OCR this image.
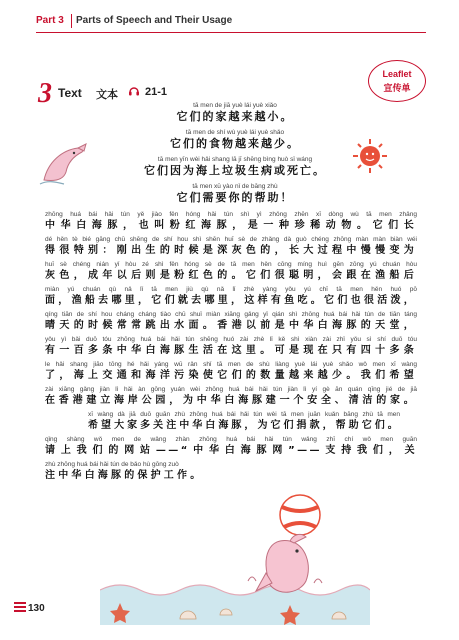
Part 3 Parts of Speech and Their Usage
3 Text 文本 21-1
Leaflet
宣传单
tā men de jiā yuè lái yuè xiǎo
它们的家越来越小。
tā men de shí wù yuè lái yuè shǎo
它们的食物越来越少。
tā men yīn wèi hǎi shang lā jī shēng bìng huò sǐ wáng
它们因为海上垃圾生病或死亡。
tā men xū yào nǐ de bāng zhù
它们需要你的帮助！
zhōng huá bái hǎi tún yě jiào fěn hóng hǎi tún shì yì zhǒng zhēn xī dòng wù tā men zhǎng
中华白海豚，也叫粉红海豚，是一种珍稀动物。它们长
dé hěn tè bié gāng chū shēng de shí hou shì shēn huī sè de zhǎng dà guò chéng zhōng màn màn biàn wéi
得很特别：刚出生的时候是深灰色的，长大过程中慢慢变为
huī sè chéng nián yǐ hòu zé shì fěn hóng sè de tā men hěn cōng míng huì gēn zōng yú chuán hòu
灰色，成年以后则是粉红色的。它们很聪明，会跟在渔船后
miàn yú chuán qù nǎ lǐ tā men jiù qù nǎ lǐ zhè yàng yǒu yú chī tā men hěn huó pō
面，渔船去哪里，它们就去哪里，这样有鱼吃。它们也很活泼，
qíng tiān de shí hou cháng cháng tiào chū shuǐ miàn xiāng gǎng yǐ qián shì zhōng huá bái hǎi tún de tiān táng
晴天的时候常常跳出水面。香港以前是中华白海豚的天堂，
yǒu yì bǎi duō tóu zhōng huá bái hǎi tún shēng huó zài zhè lǐ kě shì xiàn zài zhǐ yǒu sì shí duō tóu
有一百多条中华白海豚生活在这里。可是现在只有四十多条
le hǎi shang jiāo tōng hé hǎi yáng wū rǎn shǐ tā men de shù liàng yuè lái yuè shǎo wǒ men xī wàng
了，海上交通和海洋污染使它们的数量越来越少。我们希望
zài xiāng gǎng jiàn lì hǎi àn gōng yuán wèi zhōng huá bái hǎi tún jiàn lì yí gè ān quán qīng jié de jiā
在香港建立海岸公园，为中华白海豚建一个安全、清洁的家。
xī wàng dà jiā duō guān zhù zhōng huá bái hǎi tún wèi tā men juān kuǎn bāng zhù tā men
希望大家多关注中华白海豚，为它们捐款，帮助它们。
qǐng shàng wǒ men de wǎng zhàn zhōng huá bái hǎi tún wǎng zhī chí wǒ men guān
请上我们的网站——“中华白海豚网”——支持我们，关
zhù zhōng huá bái hǎi tún de bǎo hù gōng zuò
注中华白海豚的保护工作。
130
